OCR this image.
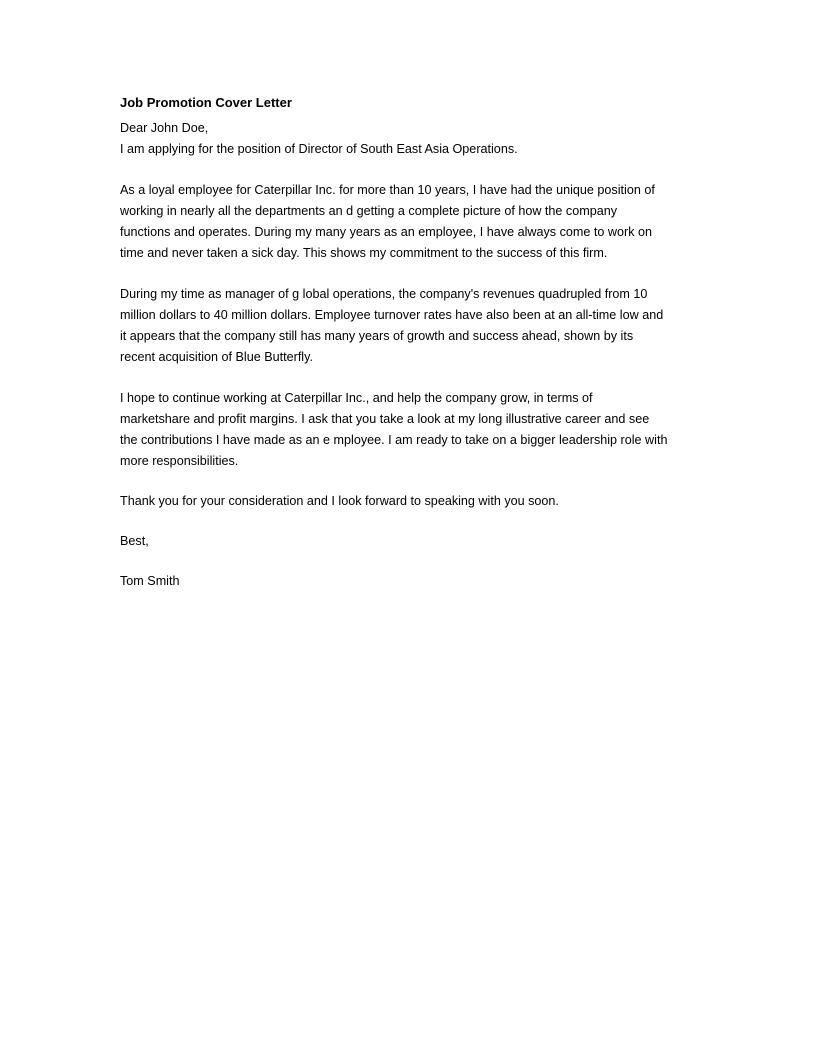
Job Promotion Cover Letter
Dear John Doe,
I am applying for the position of Director of South East Asia Operations.
As a loyal employee for Caterpillar Inc. for more than 10 years, I have had the unique position of
working in nearly all the departments an d getting a complete picture of how the company
functions and operates. During my many years as an employee, I have always come to work on
time and never taken a sick day. This shows my commitment to the success of this firm.
During my time as manager of g lobal operations, the company's revenues quadrupled from 10
million dollars to 40 million dollars. Employee turnover rates have also been at an all-time low and
it appears that the company still has many years of growth and success ahead, shown by its
recent acquisition of Blue Butterfly.
I hope to continue working at Caterpillar Inc., and help the company grow, in terms of
marketshare and profit margins. I ask that you take a look at my long illustrative career and see
the contributions I have made as an e mployee. I am ready to take on a bigger leadership role with
more responsibilities.
Thank you for your consideration and I look forward to speaking with you soon.
Best,
Tom Smith
